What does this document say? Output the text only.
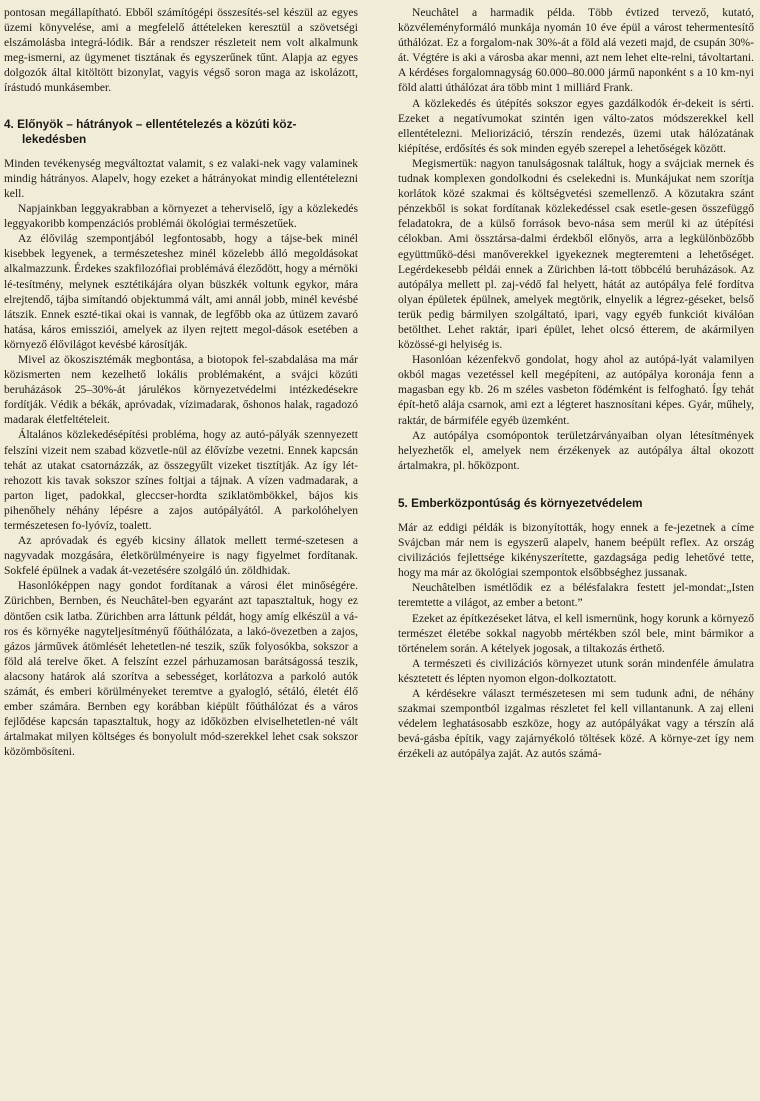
pontosan megállapítható. Ebből számítógépi összesítés-sel készül az egyes üzemi könyvelése, ami a megfelelő áttételeken keresztül a szövetségi elszámolásba integrá-lódik. Bár a rendszer részleteit nem volt alkalmunk meg-ismerni, az ügymenet tisztának és egyszerűnek tűnt. Alapja az egyes dolgozók által kitöltött bizonylat, vagyis végső soron maga az iskolázott, írástudó munkásember.

4. Előnyök – hátrányok – ellentételezés a közúti köz-lekedésben

Minden tevékenység megváltoztat valamit, s ez valaki-nek vagy valaminek mindig hátrányos. Alapelv, hogy ezeket a hátrányokat mindig ellentételezni kell.

Napjainkban leggyakrabban a környezet a teherviselő, így a közlekedés leggyakoribb kompenzációs problémái ökológiai természetűek.

Az élővilág szempontjából legfontosabb, hogy a tájse-bek minél kisebbek legyenek, a természeteshez minél közelebb álló megoldásokat alkalmazzunk. Érdekes szakfilozófiai problémává éleződött, hogy a mérnöki lé-tesítmény, melynek esztétikájára olyan büszkék voltunk egykor, mára elrejtendő, tájba simítandó objektummá vált, ami annál jobb, minél kevésbé látszik. Ennek eszté-tikai okai is vannak, de legfőbb oka az útüzem zavaró hatása, káros emissziói, amelyek az ilyen rejtett megol-dások esetében a környező élővilágot kevésbé károsítják.

Mivel az ökoszisztémák megbontása, a biotopok fel-szabdalása ma már közismerten nem kezelhető lokális problémaként, a svájci közúti beruházások 25–30%-át járulékos környezetvédelmi intézkedésekre fordítják. Védik a békák, apróvadak, vízimadarak, őshonos halak, ragadozó madarak életfeltételeit.

Általános közlekedésépítési probléma, hogy az autó-pályák szennyezett felszíni vizeit nem szabad közvetle-nül az élővízbe vezetni. Ennek kapcsán tehát az utakat csatornázzák, az összegyűlt vizeket tisztítják. Az így lét-rehozott kis tavak sokszor színes foltjai a tájnak. A vízen vadmadarak, a parton liget, padokkal, gleccser-hordta sziklatömbökkel, bájos kis pihenőhely néhány lépésre a zajos autópályától. A parkolóhelyen természetesen fo-lyóvíz, toalett.

Az apróvadak és egyéb kicsiny állatok mellett termé-szetesen a nagyvadak mozgására, életkörülményeire is nagy figyelmet fordítanak. Sokfelé épülnek a vadak át-vezetésére szolgáló ún. zöldhidak.

Hasonlóképpen nagy gondot fordítanak a városi élet minőségére. Zürichben, Bernben, és Neuchâtel-ben egyaránt azt tapasztaltuk, hogy ez döntően csik latba. Zürichben arra láttunk példát, hogy amíg elkészül a vá-ros és környéke nagyteljesítményű főúthálózata, a lakó-övezetben a zajos, gázos járművek átömlését lehetetlen-né teszik, szűk folyosókba, sokszor a föld alá terelve őket. A felszínt ezzel párhuzamosan barátságossá teszik, alacsony határok alá szorítva a sebességet, korlátozva a parkoló autók számát, és emberi körülményeket teremtve a gyalogló, sétáló, életét élő ember számára. Bernben egy korábban kiépült főúthálózat és a város fejlődése kapcsán tapasztaltuk, hogy az időközben elviselhetetlen-né vált ártalmakat milyen költséges és bonyolult mód-szerekkel lehet csak sokszor közömbösíteni.

Neuchâtel a harmadik példa. Több évtized tervező, kutató, közvéleményformáló munkája nyomán 10 éve épül a várost tehermentesítő úthálózat. Ez a forgalom-nak 30%-át a föld alá vezeti majd, de csupán 30%-át. Végtére is aki a városba akar menni, azt nem lehet elte-relni, távoltartani. A kérdéses forgalomnagyság 60.000–80.000 jármű naponként s a 10 km-nyi föld alatti úthálózat ára több mint 1 milliárd Frank.

A közlekedés és útépítés sokszor egyes gazdálkodók ér-dekeit is sérti. Ezeket a negatívumokat szintén igen válto-zatos módszerekkel kell ellentételezni. Meliorizáció, térszín rendezés, üzemi utak hálózatának kiépítése, erdősítés és sok minden egyéb szerepel a lehetőségek között.

Megismertük: nagyon tanulságosnak találtuk, hogy a svájciak mernek és tudnak komplexen gondolkodni és cselekedni is. Munkájukat nem szorítja korlátok közé szakmai és költségvetési szemellenző. A közutakra szánt pénzekből is sokat fordítanak közlekedéssel csak esetle-gesen összefüggő feladatokra, de a külső források bevo-nása sem merül ki az útépítési célokban. Ami össztársa-dalmi érdekből előnyös, arra a legkülönbözőbb együttműkö-dési manőverekkel igyekeznek megteremteni a lehetőséget. Legérdekesebb példái ennek a Zürichben lá-tott többcélú beruházások. Az autópálya mellett pl. zaj-védő fal helyett, hátát az autópálya felé fordítva olyan épületek épülnek, amelyek megtörik, elnyelik a légrez-géseket, belső terük pedig bármilyen szolgáltató, ipari, vagy egyéb funkciót kiválóan betölthet. Lehet raktár, ipari épület, lehet olcsó étterem, de akármilyen közössé-gi helyiség is.

Hasonlóan kézenfekvő gondolat, hogy ahol az autópá-lyát valamilyen okból magas vezetéssel kell megépíteni, az autópálya koronája fenn a magasban egy kb. 26 m széles vasbeton födémként is felfogható. Így tehát épít-hető alája csarnok, ami ezt a légteret hasznosítani képes. Gyár, műhely, raktár, de bármiféle egyéb üzemként.

Az autópálya csomópontok területzárványaiban olyan létesítmények helyezhetők el, amelyek nem érzékenyek az autópálya által okozott ártalmakra, pl. hőközpont.

5. Emberközpontúság és környezetvédelem

Már az eddigi példák is bizonyították, hogy ennek a fe-jezetnek a címe Svájcban már nem is egyszerű alapelv, hanem beépült reflex. Az ország civilizációs fejlettsége kikényszerítette, gazdagsága pedig lehetővé tette, hogy ma már az ökológiai szempontok elsőbbséghez jussanak.

Neuchâtelben ismétlődik ez a bélésfalakra festett jel-mondat:„Isten teremtette a világot, az ember a betont.”

Ezeket az építkezéseket látva, el kell ismernünk, hogy korunk a környező természet életébe sokkal nagyobb mértékben szól bele, mint bármikor a történelem során. A kételyek jogosak, a tiltakozás érthető.

A természeti és civilizációs környezet utunk során mindenféle ámulatra késztetett és lépten nyomon elgon-dolkoztatott.

A kérdésekre választ természetesen mi sem tudunk adni, de néhány szakmai szempontból izgalmas részletet fel kell villantanunk. A zaj elleni védelem leghatásosabb eszköze, hogy az autópályákat vagy a térszín alá bevá-gásba építik, vagy zajárnyékoló töltések közé. A környe-zet így nem érzékeli az autópálya zaját. Az autós számá-
